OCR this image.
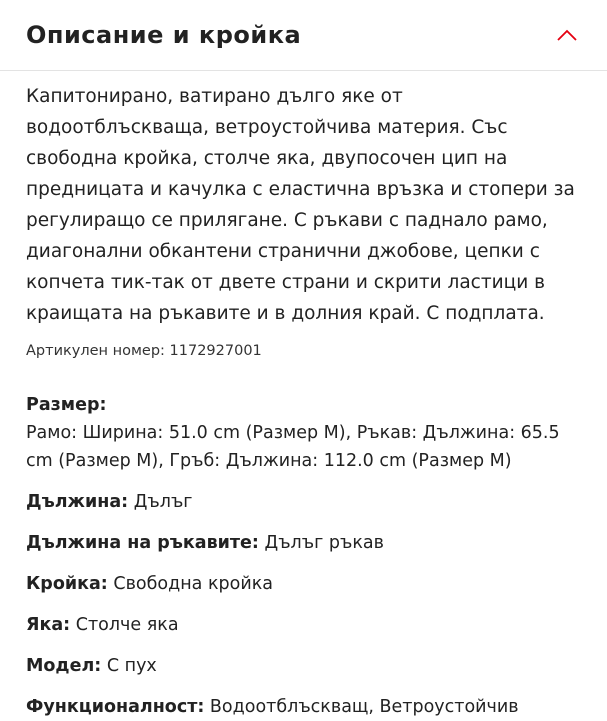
Описание и кройка
Капитонирано, ватирано дълго яке от водоотблъскваща, ветроустойчива материя. Със свободна кройка, столче яка, двупосочен цип на предницата и качулка с еластична връзка и стопери за регулиращо се прилягане. С ръкави с паднало рамо, диагонални обкантени странични джобове, цепки с копчета тик-так от двете страни и скрити ластици в краищата на ръкавите и в долния край. С подплата.
Артикулен номер: 1172927001
Размер:
Рамо: Ширина: 51.0 cm (Размер M), Ръкав: Дължина: 65.5 cm (Размер M), Гръб: Дължина: 112.0 cm (Размер M)
Дължина: Дълъг
Дължина на ръкавите: Дълъг ръкав
Кройка: Свободна кройка
Яка: Столче яка
Модел: С пух
Функционалност: Водоотблъскващ, Ветроустойчив
